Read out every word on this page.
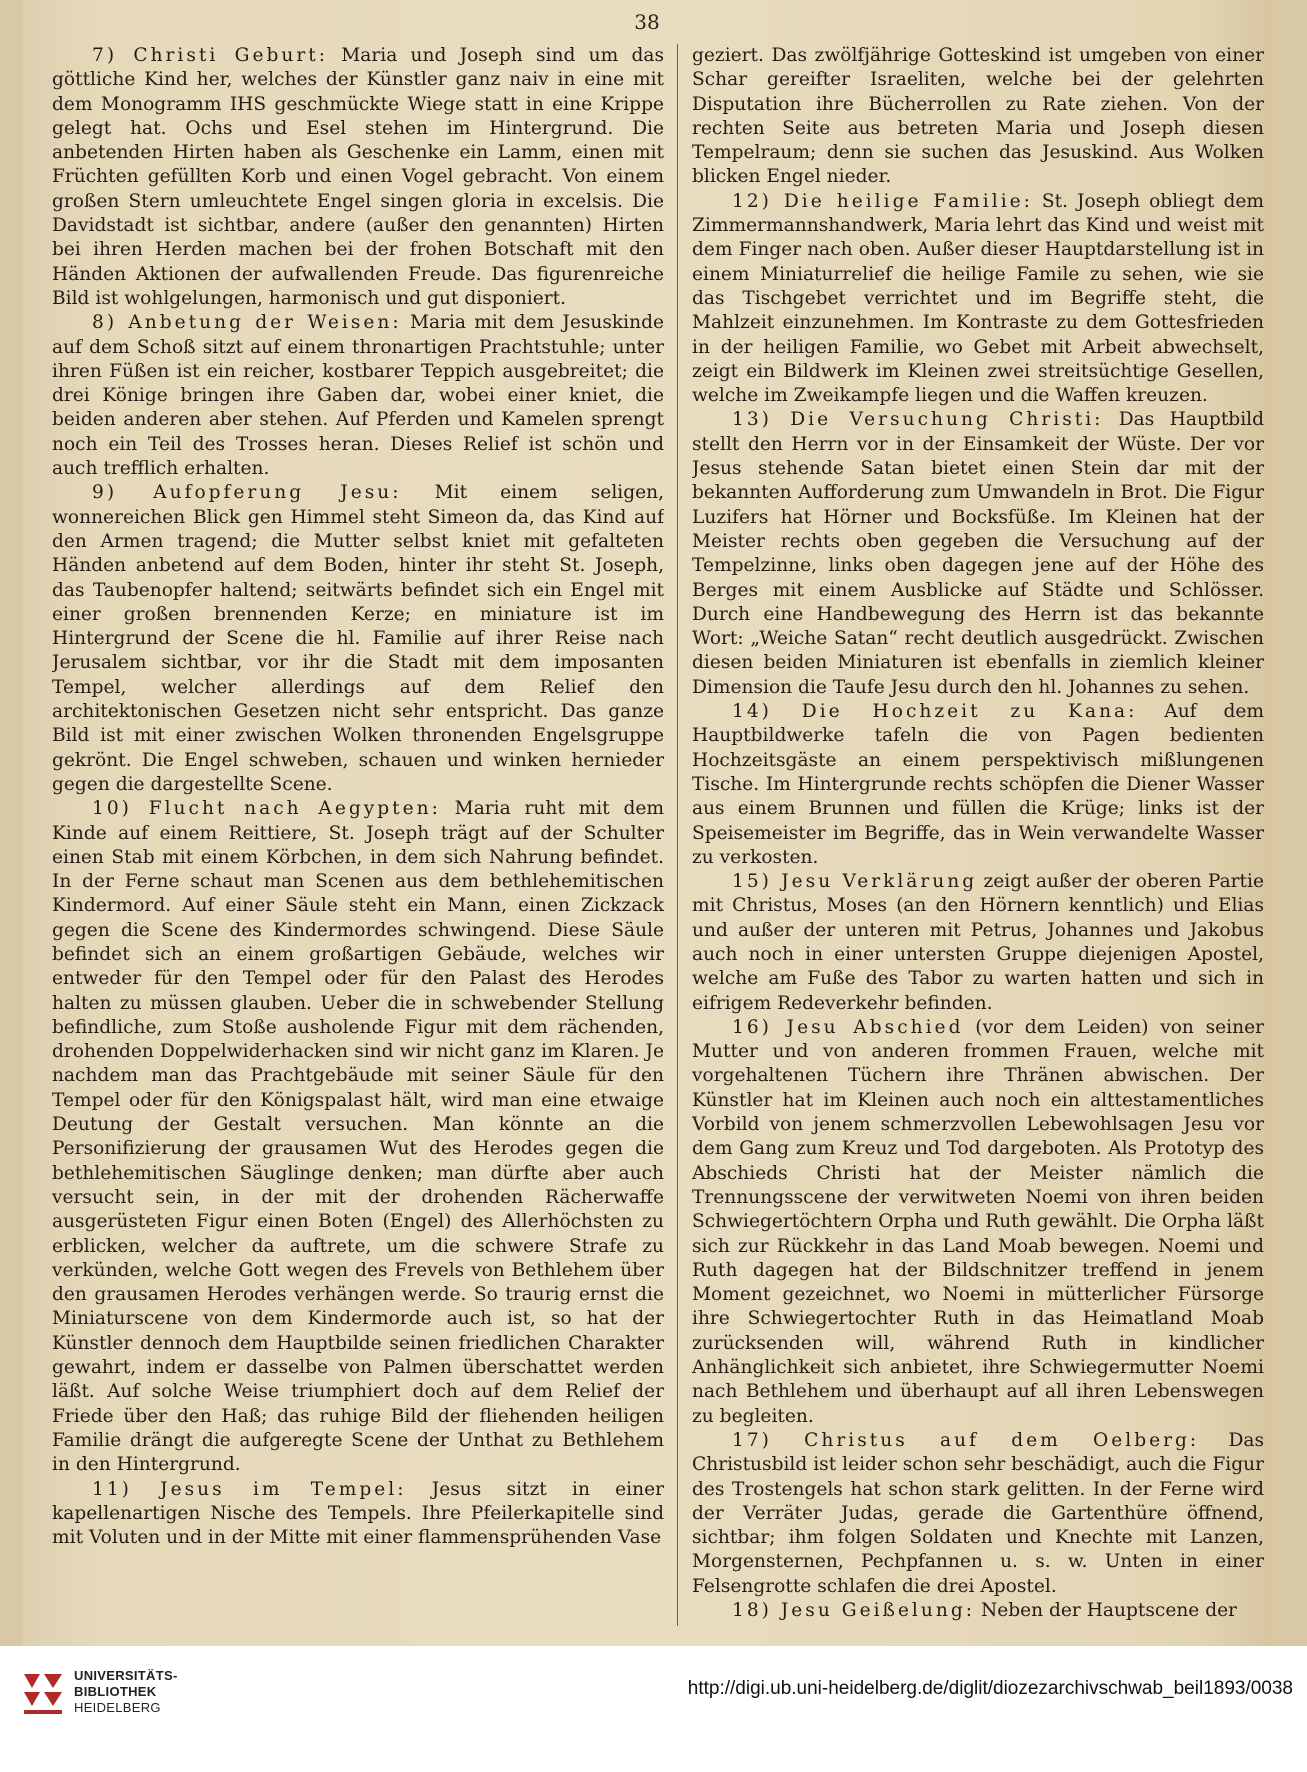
38

7) Christi Geburt: Maria und Joseph sind um das göttliche Kind her, welches der Künstler ganz naiv in eine mit dem Monogramm IHS geschmückte Wiege statt in eine Krippe gelegt hat. Ochs und Esel stehen im Hintergrund. Die anbetenden Hirten haben als Geschenke ein Lamm, einen mit Früchten gefüllten Korb und einen Vogel gebracht. Von einem großen Stern umleuchtete Engel singen gloria in excelsis. Die Davidstadt ist sichtbar, andere (außer den genannten) Hirten bei ihren Herden machen bei der frohen Botschaft mit den Händen Aktionen der aufwallenden Freude. Das figurenreiche Bild ist wohlgelungen, harmonisch und gut disponiert.

8) Anbetung der Weisen: Maria mit dem Jesuskinde auf dem Schoß sitzt auf einem thronartigen Prachtstuhle; unter ihren Füßen ist ein reicher, kostbarer Teppich ausgebreitet; die drei Könige bringen ihre Gaben dar, wobei einer kniet, die beiden anderen aber stehen. Auf Pferden und Kamelen sprengt noch ein Teil des Trosses heran. Dieses Relief ist schön und auch trefflich erhalten.

9) Aufopferung Jesu: Mit einem seligen, wonnereichen Blick gen Himmel steht Simeon da, das Kind auf den Armen tragend; die Mutter selbst kniet mit gefalteten Händen anbetend auf dem Boden, hinter ihr steht St. Joseph, das Taubenopfer haltend; seitwärts befindet sich ein Engel mit einer großen brennenden Kerze; en miniature ist im Hintergrund der Scene die hl. Familie auf ihrer Reise nach Jerusalem sichtbar, vor ihr die Stadt mit dem imposanten Tempel, welcher allerdings auf dem Relief den architektonischen Gesetzen nicht sehr entspricht. Das ganze Bild ist mit einer zwischen Wolken thronenden Engelsgruppe gekrönt. Die Engel schweben, schauen und winken hernieder gegen die dargestellte Scene.

10) Flucht nach Aegypten: Maria ruht mit dem Kinde auf einem Reittiere, St. Joseph trägt auf der Schulter einen Stab mit einem Körbchen, in dem sich Nahrung befindet. In der Ferne schaut man Scenen aus dem bethlehemitischen Kindermord. Auf einer Säule steht ein Mann, einen Zickzack gegen die Scene des Kindermordes schwingend. Diese Säule befindet sich an einem großartigen Gebäude, welches wir entweder für den Tempel oder für den Palast des Herodes halten zu müssen glauben. Ueber die in schwebender Stellung befindliche, zum Stoße ausholende Figur mit dem rächenden, drohenden Doppelwiderhacken sind wir nicht ganz im Klaren. Je nachdem man das Prachtgebäude mit seiner Säule für den Tempel oder für den Königspalast hält, wird man eine etwaige Deutung der Gestalt versuchen. Man könnte an die Personifizierung der grausamen Wut des Herodes gegen die bethlehemitischen Säuglinge denken; man dürfte aber auch versucht sein, in der mit der drohenden Rächerwaffe ausgerüsteten Figur einen Boten (Engel) des Allerhöchsten zu erblicken, welcher da auftrete, um die schwere Strafe zu verkünden, welche Gott wegen des Frevels von Bethlehem über den grausamen Herodes verhängen werde. So traurig ernst die Miniaturscene von dem Kindermorde auch ist, so hat der Künstler dennoch dem Hauptbilde seinen friedlichen Charakter gewahrt, indem er dasselbe von Palmen überschattet werden läßt. Auf solche Weise triumphiert doch auf dem Relief der Friede über den Haß; das ruhige Bild der fliehenden heiligen Familie drängt die aufgeregte Scene der Unthat zu Bethlehem in den Hintergrund.

11) Jesus im Tempel: Jesus sitzt in einer kapellenartigen Nische des Tempels. Ihre Pfeilerkapitelle sind mit Voluten und in der Mitte mit einer flammensprühenden Vase

geziert. Das zwölfjährige Gotteskind ist umgeben von einer Schar gereifter Israeliten, welche bei der gelehrten Disputation ihre Bücherrollen zu Rate ziehen. Von der rechten Seite aus betreten Maria und Joseph diesen Tempelraum; denn sie suchen das Jesuskind. Aus Wolken blicken Engel nieder.

12) Die heilige Familie: St. Joseph obliegt dem Zimmermannshandwerk, Maria lehrt das Kind und weist mit dem Finger nach oben. Außer dieser Hauptdarstellung ist in einem Miniaturrelief die heilige Famile zu sehen, wie sie das Tischgebet verrichtet und im Begriffe steht, die Mahlzeit einzunehmen. Im Kontraste zu dem Gottesfrieden in der heiligen Familie, wo Gebet mit Arbeit abwechselt, zeigt ein Bildwerk im Kleinen zwei streitsüchtige Gesellen, welche im Zweikampfe liegen und die Waffen kreuzen.

13) Die Versuchung Christi: Das Hauptbild stellt den Herrn vor in der Einsamkeit der Wüste. Der vor Jesus stehende Satan bietet einen Stein dar mit der bekannten Aufforderung zum Umwandeln in Brot. Die Figur Luzifers hat Hörner und Bocksfüße. Im Kleinen hat der Meister rechts oben gegeben die Versuchung auf der Tempelzinne, links oben dagegen jene auf der Höhe des Berges mit einem Ausblicke auf Städte und Schlösser. Durch eine Handbewegung des Herrn ist das bekannte Wort: „Weiche Satan“ recht deutlich ausgedrückt. Zwischen diesen beiden Miniaturen ist ebenfalls in ziemlich kleiner Dimension die Taufe Jesu durch den hl. Johannes zu sehen.

14) Die Hochzeit zu Kana: Auf dem Hauptbildwerke tafeln die von Pagen bedienten Hochzeitsgäste an einem perspektivisch mißlungenen Tische. Im Hintergrunde rechts schöpfen die Diener Wasser aus einem Brunnen und füllen die Krüge; links ist der Speisemeister im Begriffe, das in Wein verwandelte Wasser zu verkosten.

15) Jesu Verklärung zeigt außer der oberen Partie mit Christus, Moses (an den Hörnern kenntlich) und Elias und außer der unteren mit Petrus, Johannes und Jakobus auch noch in einer untersten Gruppe diejenigen Apostel, welche am Fuße des Tabor zu warten hatten und sich in eifrigem Redeverkehr befinden.

16) Jesu Abschied (vor dem Leiden) von seiner Mutter und von anderen frommen Frauen, welche mit vorgehaltenen Tüchern ihre Thränen abwischen. Der Künstler hat im Kleinen auch noch ein alttestamentliches Vorbild von jenem schmerzvollen Lebewohlsagen Jesu vor dem Gang zum Kreuz und Tod dargeboten. Als Prototyp des Abschieds Christi hat der Meister nämlich die Trennungsscene der verwitweten Noemi von ihren beiden Schwiegertöchtern Orpha und Ruth gewählt. Die Orpha läßt sich zur Rückkehr in das Land Moab bewegen. Noemi und Ruth dagegen hat der Bildschnitzer treffend in jenem Moment gezeichnet, wo Noemi in mütterlicher Fürsorge ihre Schwiegertochter Ruth in das Heimatland Moab zurücksenden will, während Ruth in kindlicher Anhänglichkeit sich anbietet, ihre Schwiegermutter Noemi nach Bethlehem und überhaupt auf all ihren Lebenswegen zu begleiten.

17) Christus auf dem Oelberg: Das Christusbild ist leider schon sehr beschädigt, auch die Figur des Trostengels hat schon stark gelitten. In der Ferne wird der Verräter Judas, gerade die Gartenthüre öffnend, sichtbar; ihm folgen Soldaten und Knechte mit Lanzen, Morgensternen, Pechpfannen u. s. w. Unten in einer Felsengrotte schlafen die drei Apostel.

18) Jesu Geißelung: Neben der Hauptscene der

UNIVERSITÄTS-
BIBLIOTHEK
HEIDELBERG
http://digi.ub.uni-heidelberg.de/diglit/diozezarchivschwab_beil1893/0038
